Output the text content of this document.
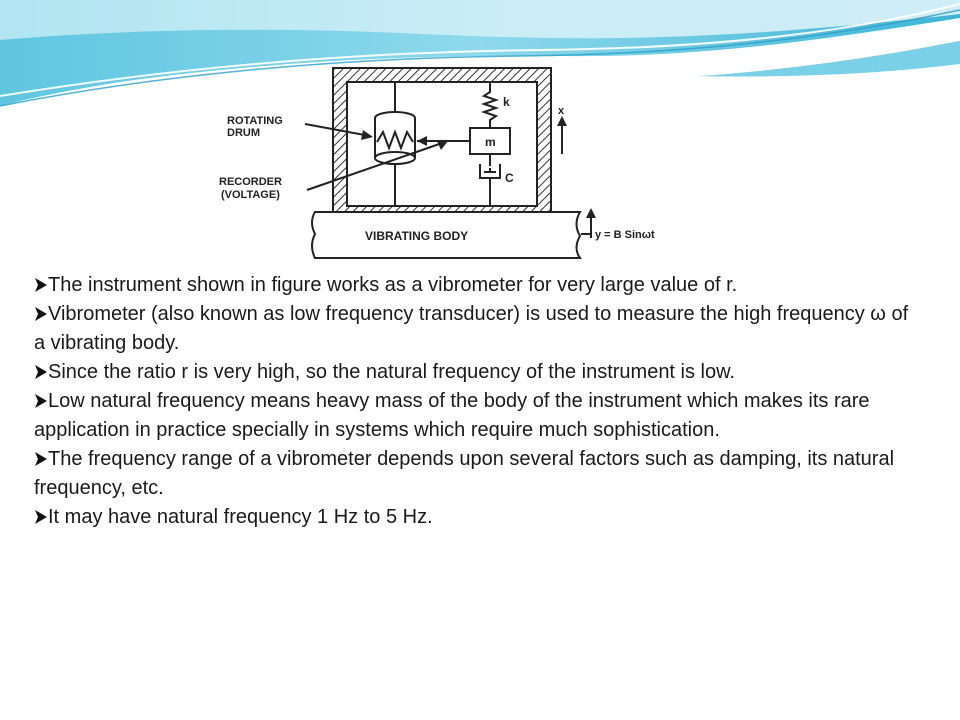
x
k
m
C
ROTATING
DRUM
RECORDER
(VOLTAGE)
VIBRATING BODY	y = B Sinωt
The instrument shown in figure works as a vibrometer for very large value of r.
Vibrometer (also known as low frequency transducer) is used to measure the high frequency ω of a vibrating body.
Since the ratio r is very high, so the natural frequency of the instrument is low.
Low natural frequency means heavy mass of the body of the instrument which makes its rare application in practice specially in systems which require much sophistication.
The frequency range of a vibrometer depends upon several factors such as damping, its natural frequency, etc.
It may have natural frequency 1 Hz to 5 Hz.
